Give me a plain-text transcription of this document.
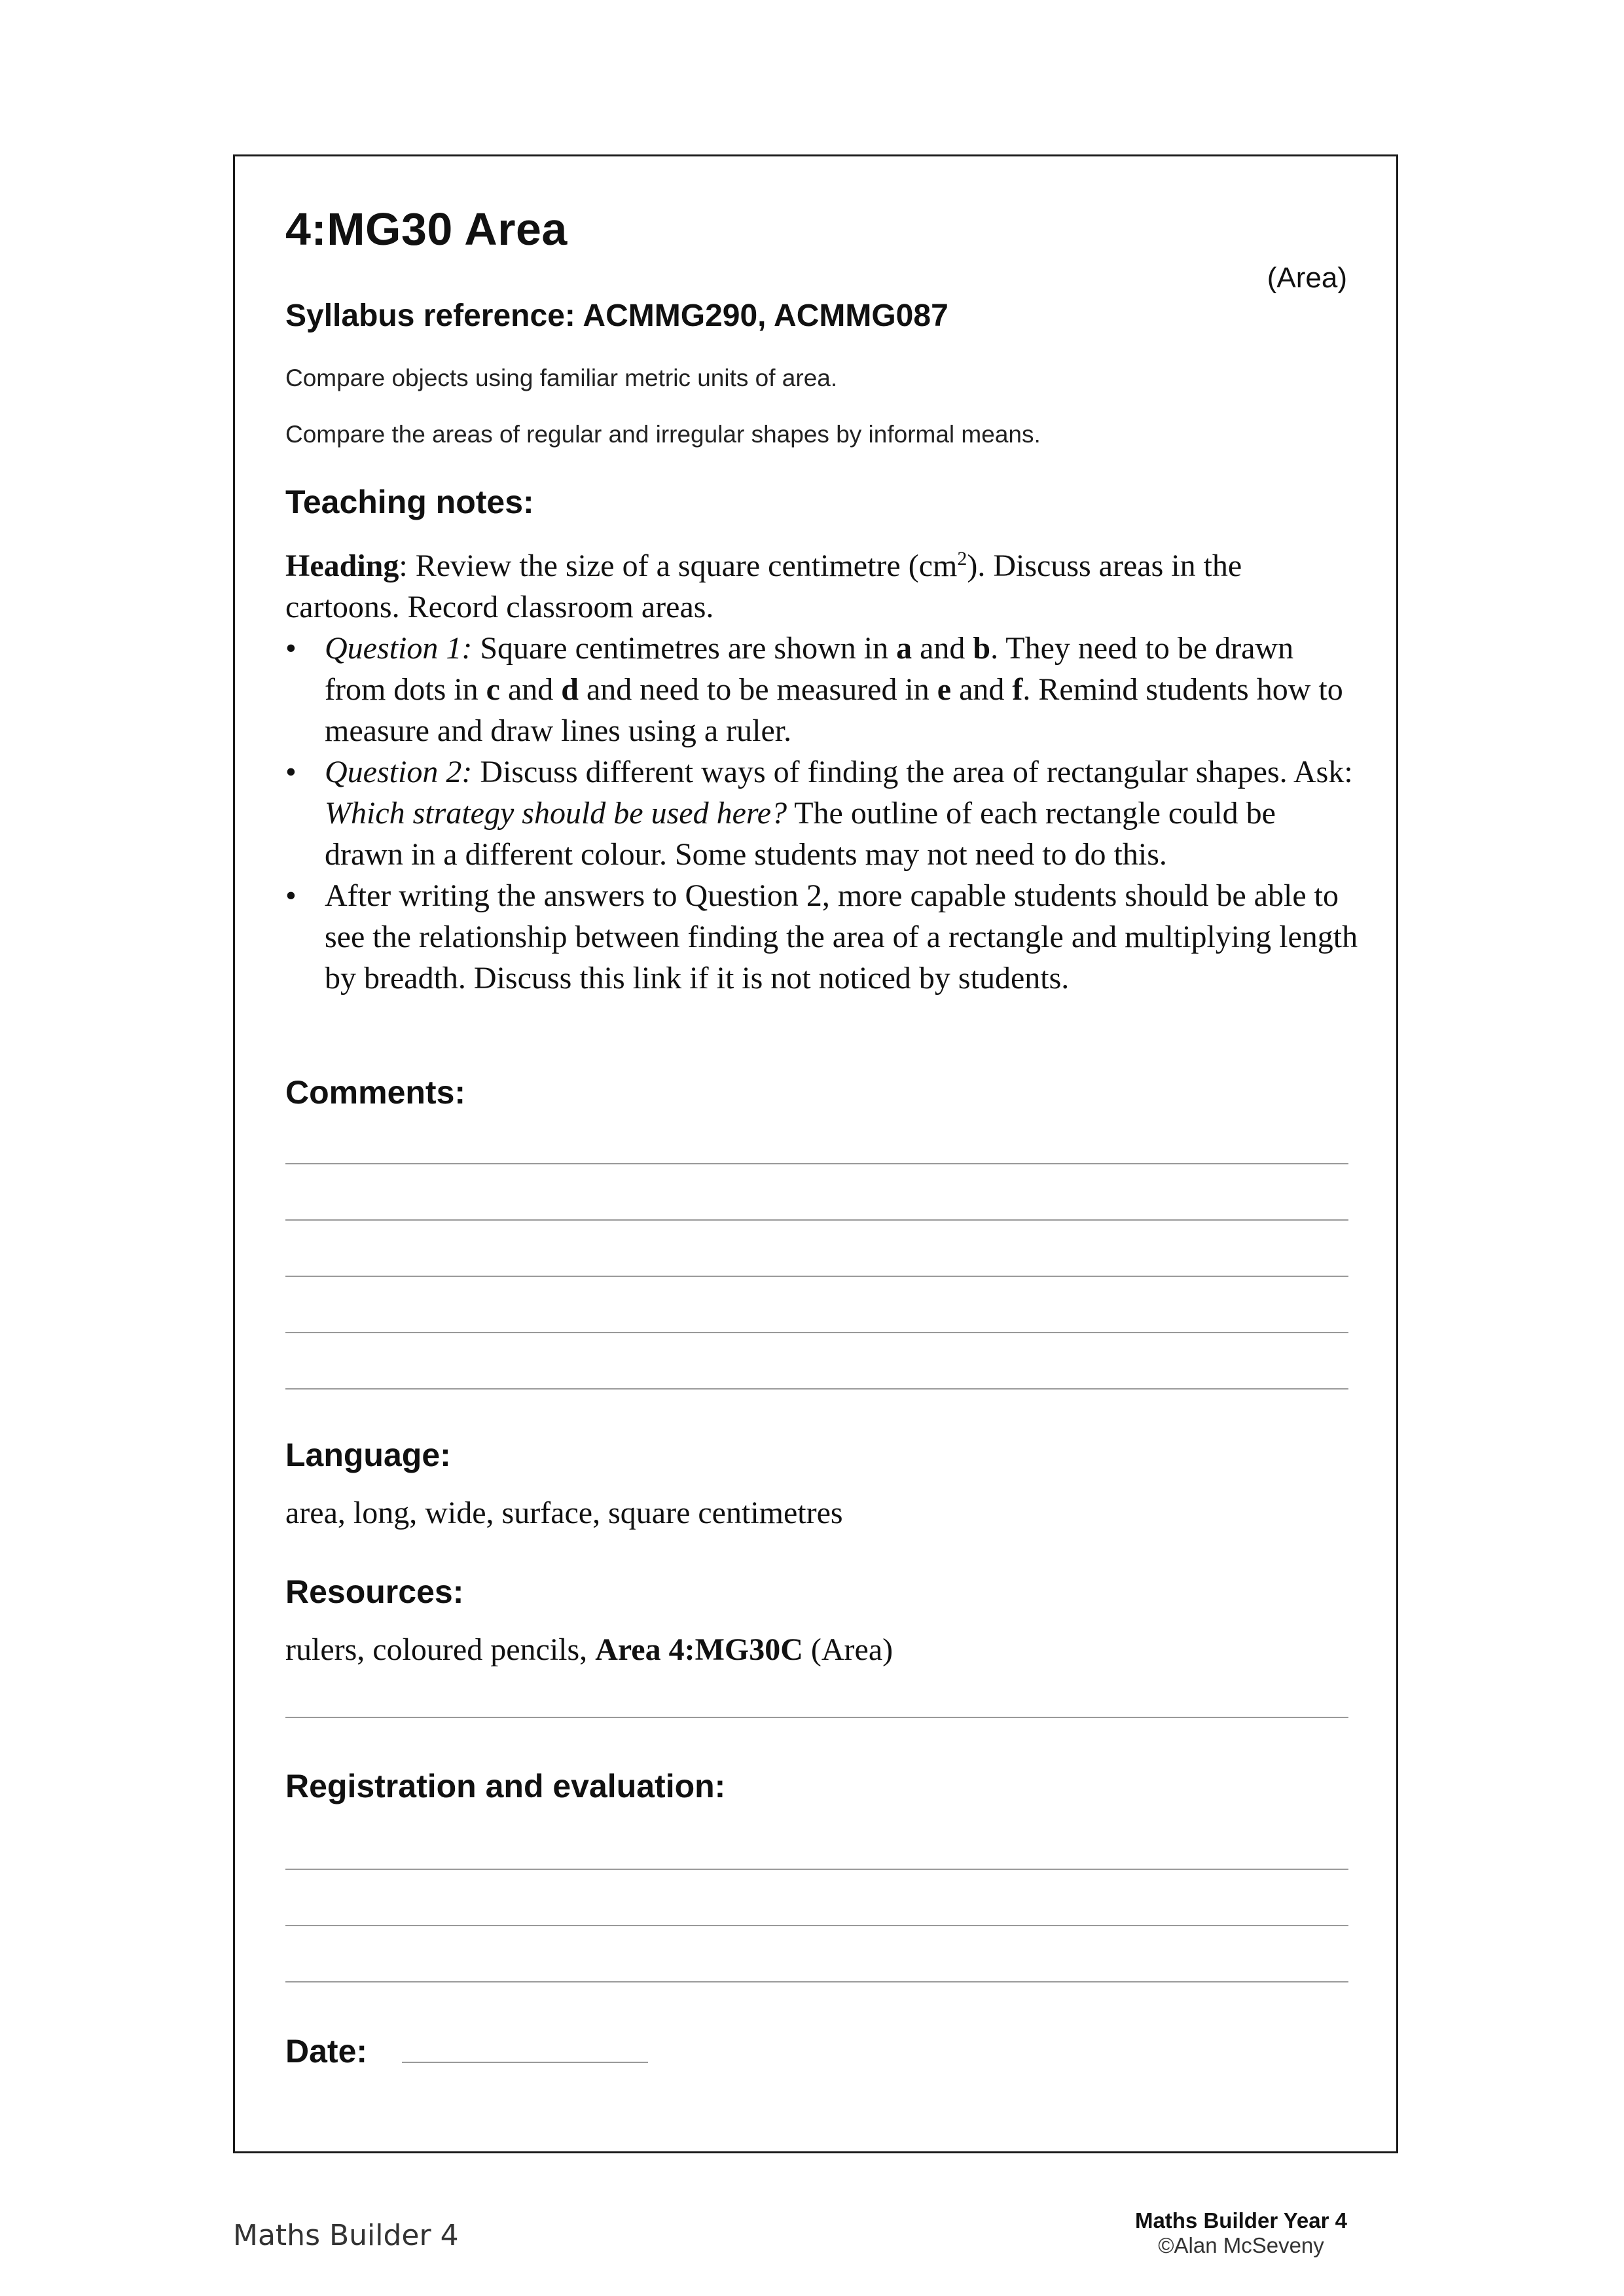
4:MG30 Area
(Area)
Syllabus reference: ACMMG290, ACMMG087

Compare objects using familiar metric units of area.

Compare the areas of regular and irregular shapes by informal means.

Teaching notes:

Heading: Review the size of a square centimetre $(cm^2)$. Discuss areas in the cartoons. Record classroom areas.

• Question 1: Square centimetres are shown in a and b. They need to be drawn from dots in c and d and need to be measured in e and f. Remind students how to measure and draw lines using a ruler.
• Question 2: Discuss different ways of finding the area of rectangular shapes. Ask: Which strategy should be used here? The outline of each rectangle could be drawn in a different colour. Some students may not need to do this.
• After writing the answers to Question 2, more capable students should be able to see the relationship between finding the area of a rectangle and multiplying length by breadth. Discuss this link if it is not noticed by students.
Comments:
Language:

area, long, wide, surface, square centimetres

Resources:

rulers, coloured pencils, Area 4:MG30C (Area)

Registration and evaluation:
Date:
Maths Builder 4	Maths Builder Year 4
©Alan McSeveny
